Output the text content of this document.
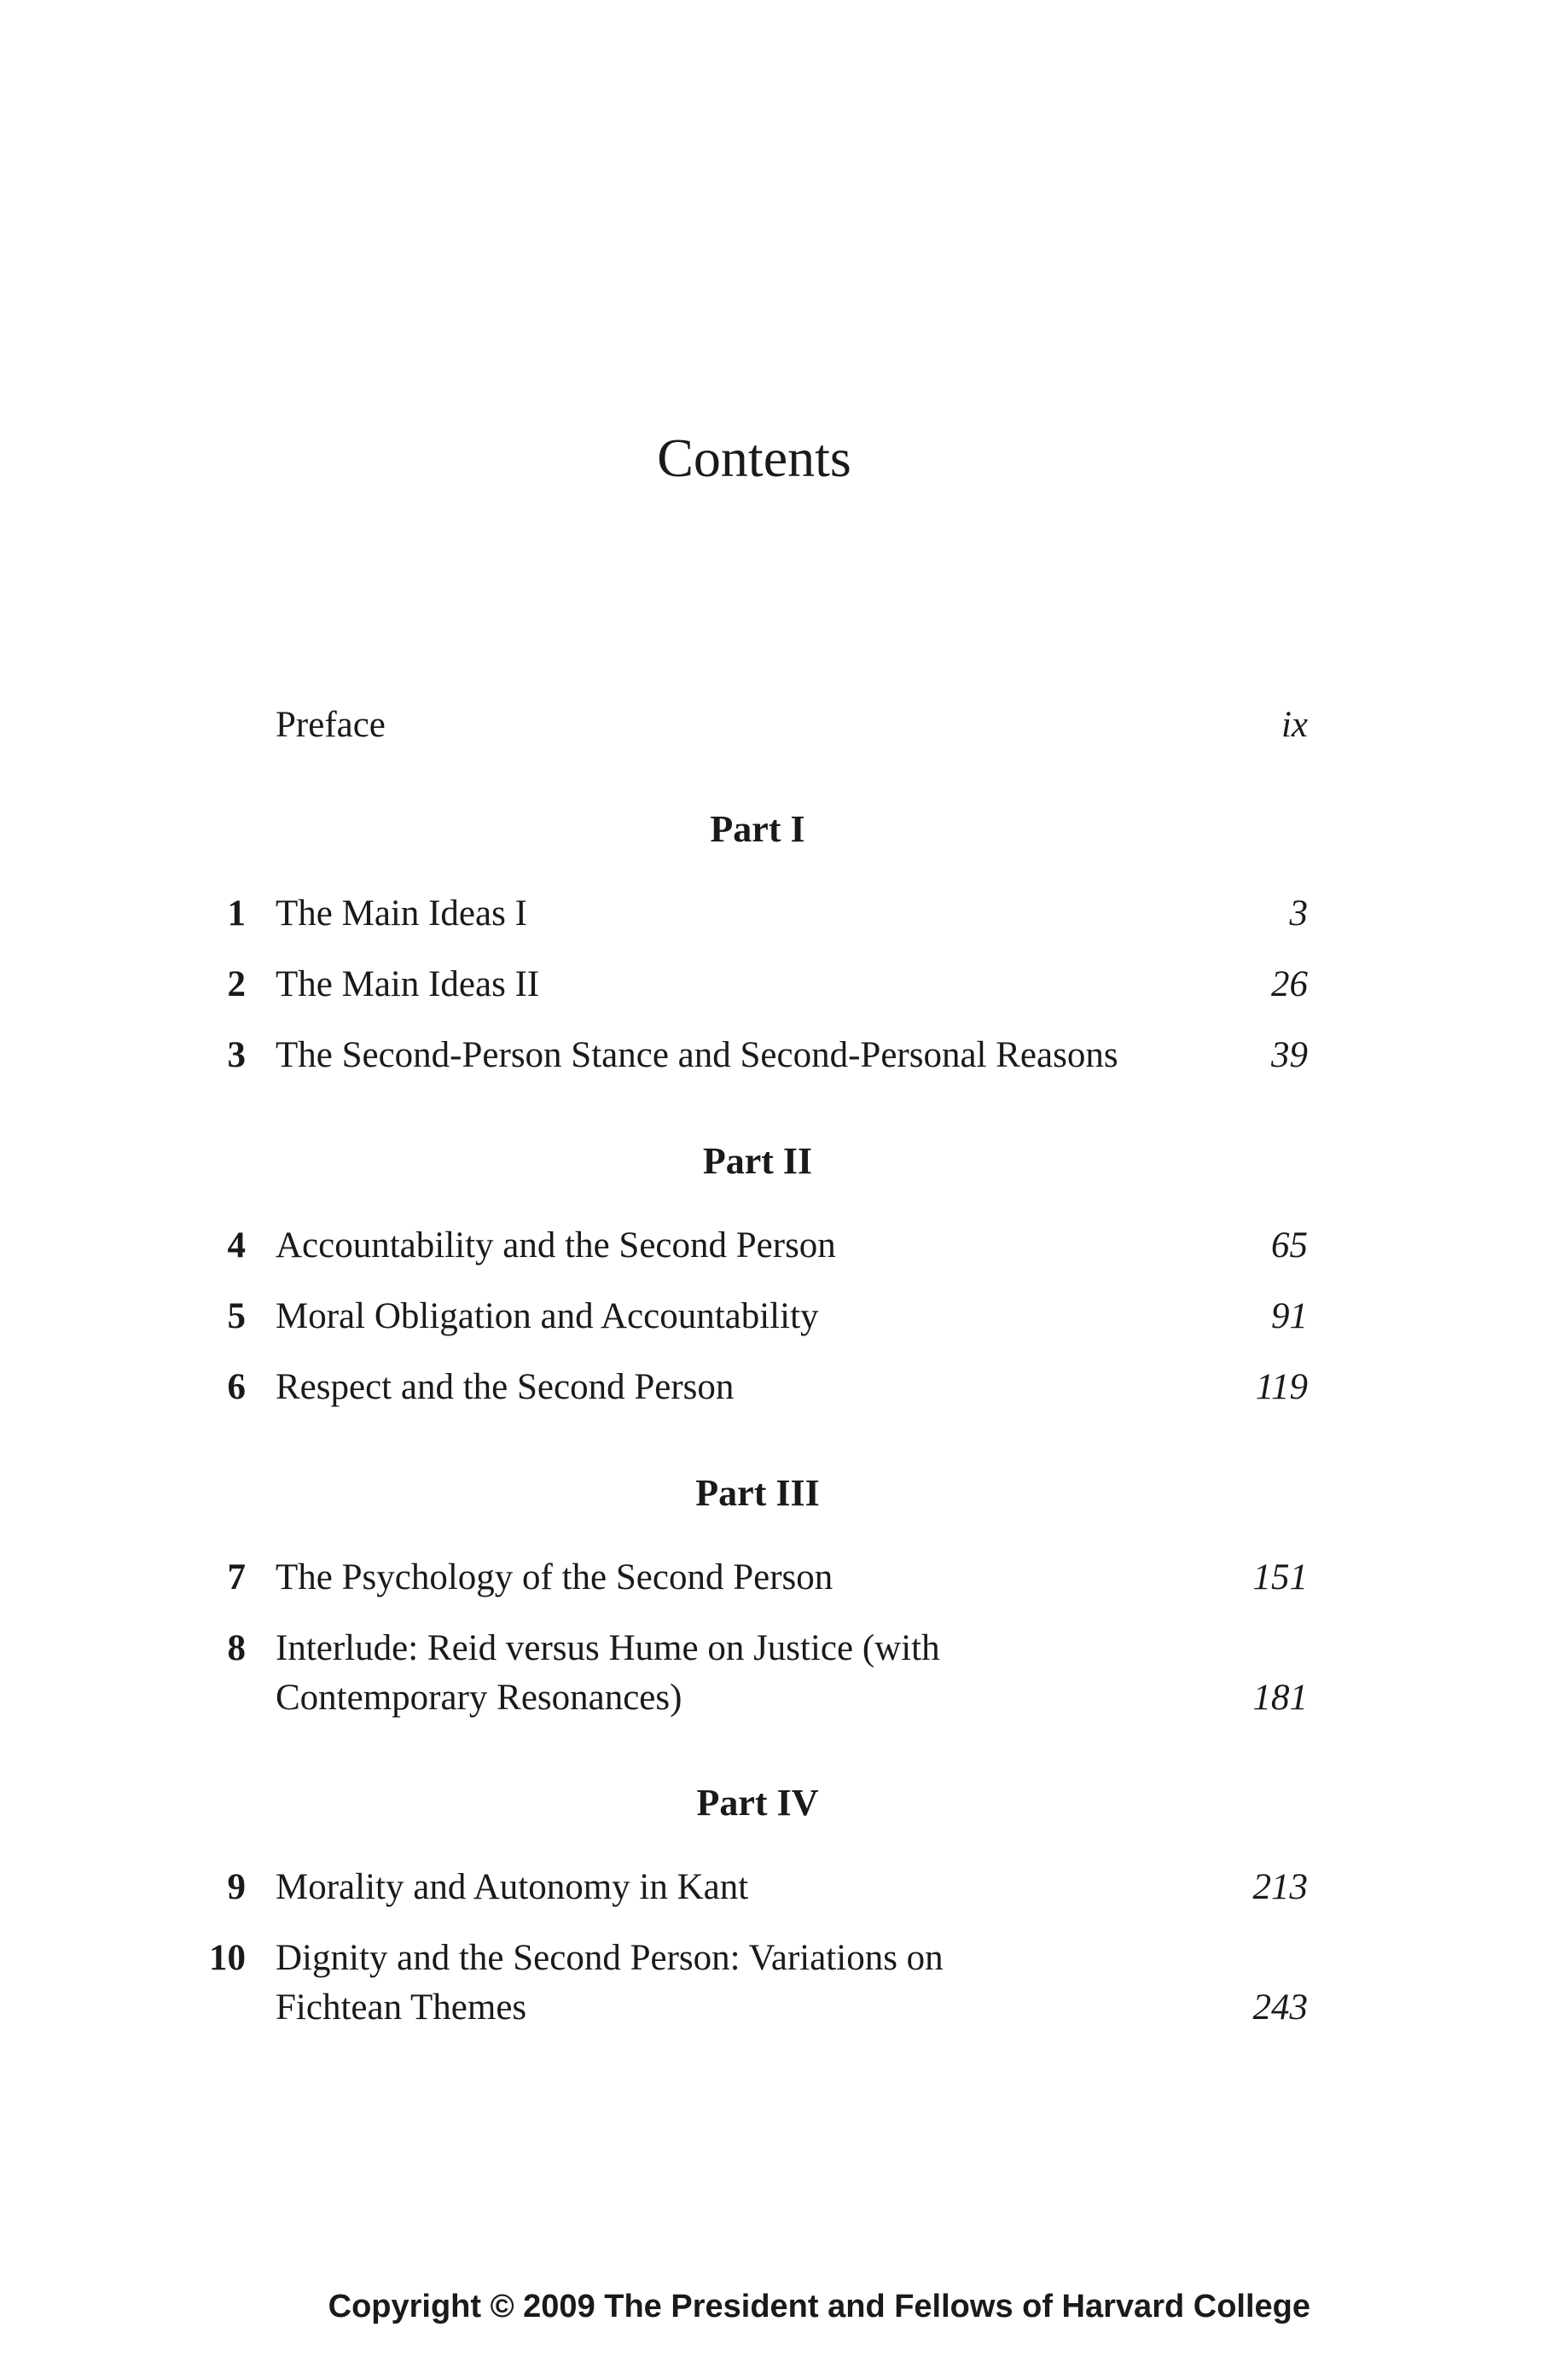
Contents
Preface	ix
Part I
1 The Main Ideas I	3
2 The Main Ideas II	26
3 The Second-Person Stance and Second-Personal Reasons	39
Part II
4 Accountability and the Second Person	65
5 Moral Obligation and Accountability	91
6 Respect and the Second Person	119
Part III
7 The Psychology of the Second Person	151
8 Interlude: Reid versus Hume on Justice (with
Contemporary Resonances)	181
Part IV
9 Morality and Autonomy in Kant	213
10 Dignity and the Second Person: Variations on
Fichtean Themes	243
Copyright © 2009 The President and Fellows of Harvard College
